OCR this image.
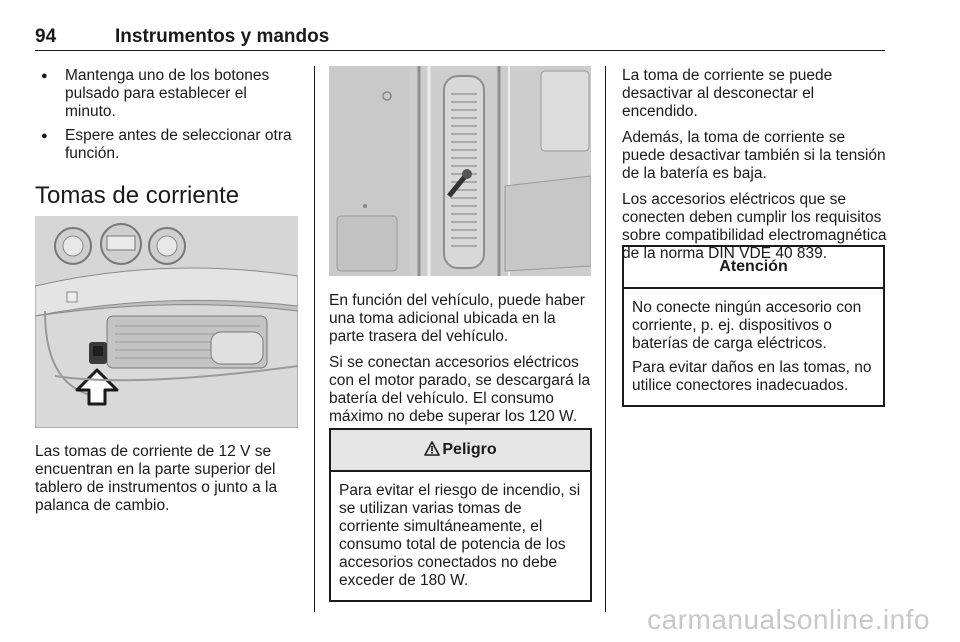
94	Instrumentos y mandos
● Mantenga uno de los botones pulsado para establecer el minuto.
● Espere antes de seleccionar otra función.
Tomas de corriente

Las tomas de corriente de 12 V se encuentran en la parte superior del tablero de instrumentos o junto a la palanca de cambio.

En función del vehículo, puede haber una toma adicional ubicada en la parte trasera del vehículo.

Si se conectan accesorios eléctricos con el motor parado, se descargará la batería del vehículo. El consumo máximo no debe superar los 120 W.

Peligro

Para evitar el riesgo de incendio, si se utilizan varias tomas de corriente simultáneamente, el consumo total de potencia de los accesorios conectados no debe exceder de 180 W.

La toma de corriente se puede desactivar al desconectar el encendido.

Además, la toma de corriente se puede desactivar también si la tensión de la batería es baja.

Los accesorios eléctricos que se conecten deben cumplir los requisitos sobre compatibilidad electromagnética de la norma DIN VDE 40 839.

Atención

No conecte ningún accesorio con corriente, p. ej. dispositivos o baterías de carga eléctricos.

Para evitar daños en las tomas, no utilice conectores inadecuados.

carmanualsonline.info
